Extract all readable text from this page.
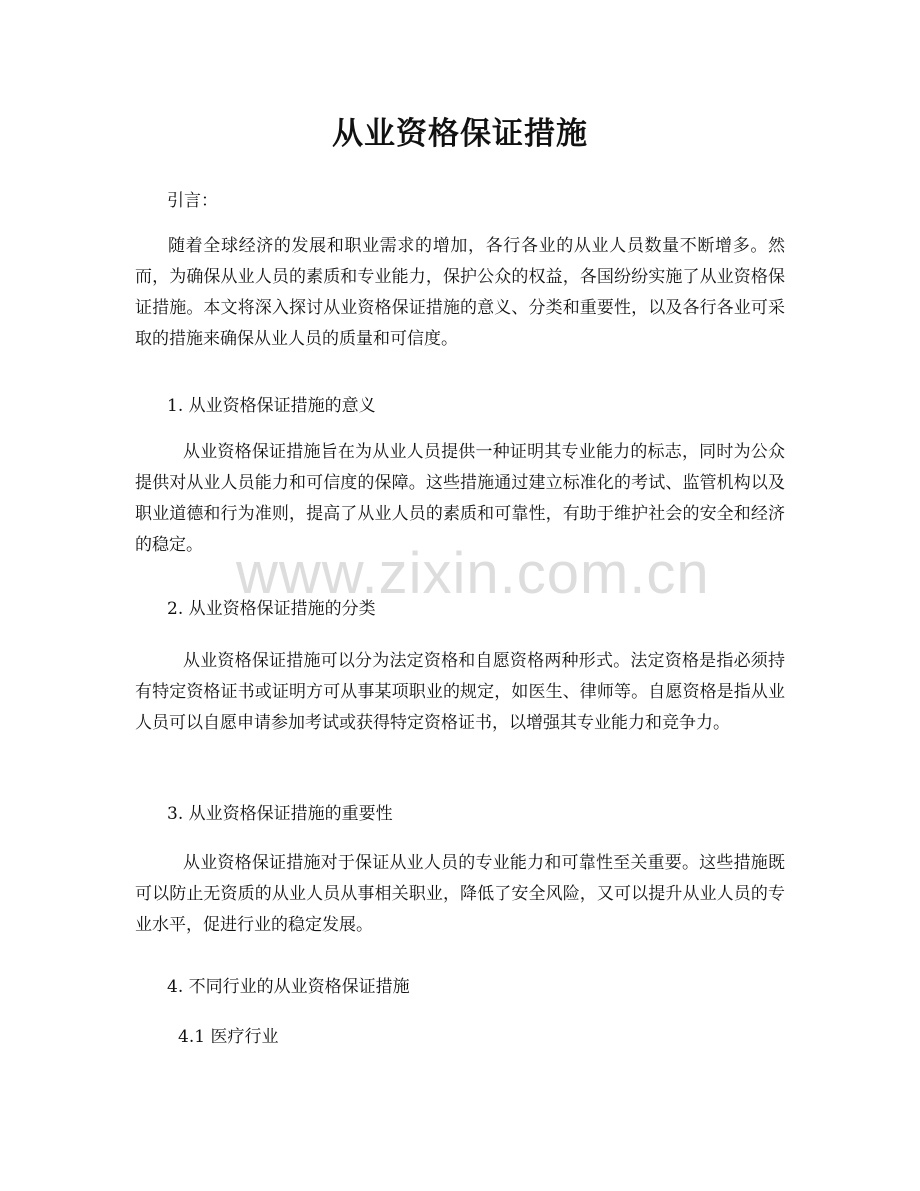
从业资格保证措施

引言：

随着全球经济的发展和职业需求的增加，各行各业的从业人员数量不断增多。然而，为确保从业人员的素质和专业能力，保护公众的权益，各国纷纷实施了从业资格保证措施。本文将深入探讨从业资格保证措施的意义、分类和重要性，以及各行各业可采取的措施来确保从业人员的质量和可信度。

1. 从业资格保证措施的意义

从业资格保证措施旨在为从业人员提供一种证明其专业能力的标志，同时为公众提供对从业人员能力和可信度的保障。这些措施通过建立标准化的考试、监管机构以及职业道德和行为准则，提高了从业人员的素质和可靠性，有助于维护社会的安全和经济的稳定。

2. 从业资格保证措施的分类

从业资格保证措施可以分为法定资格和自愿资格两种形式。法定资格是指必须持有特定资格证书或证明方可从事某项职业的规定，如医生、律师等。自愿资格是指从业人员可以自愿申请参加考试或获得特定资格证书，以增强其专业能力和竞争力。

3. 从业资格保证措施的重要性

从业资格保证措施对于保证从业人员的专业能力和可靠性至关重要。这些措施既可以防止无资质的从业人员从事相关职业，降低了安全风险，又可以提升从业人员的专业水平，促进行业的稳定发展。

4. 不同行业的从业资格保证措施

4.1 医疗行业

www.zixin.com.cn
